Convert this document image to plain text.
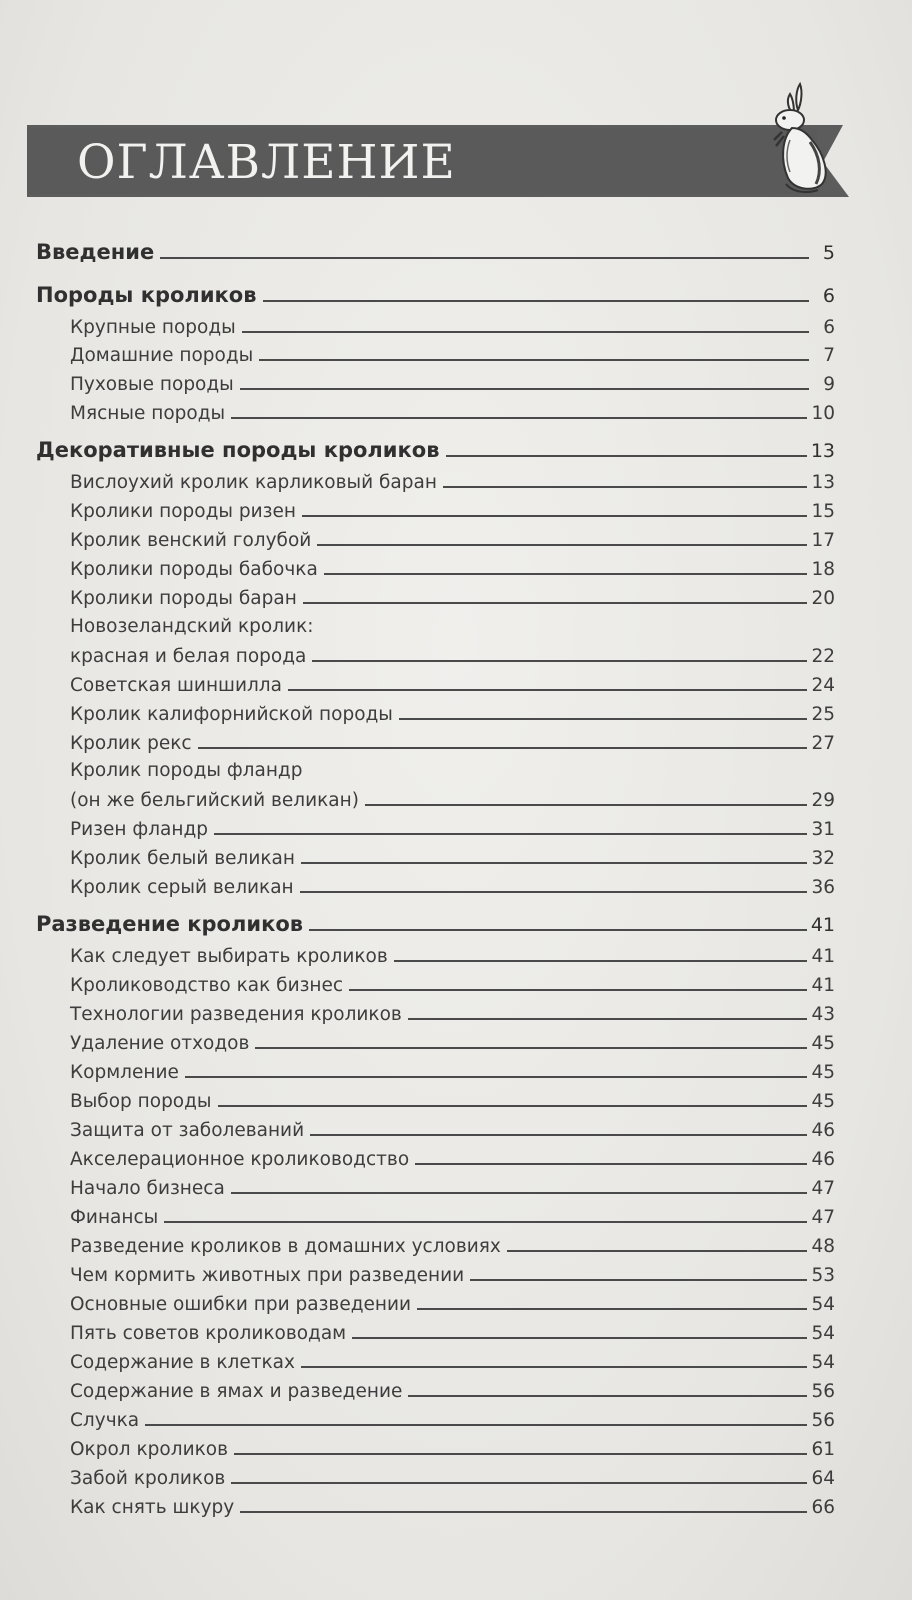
ОГЛАВЛЕНИЕ
Введение	5
Породы кроликов	6
Крупные породы	6
Домашние породы	7
Пуховые породы	9
Мясные породы	10
Декоративные породы кроликов	13
Вислоухий кролик карликовый баран	13
Кролики породы ризен	15
Кролик венский голубой	17
Кролики породы бабочка	18
Кролики породы баран	20
Новозеландский кролик:
красная и белая порода	22
Советская шиншилла	24
Кролик калифорнийской породы	25
Кролик рекс	27
Кролик породы фландр
(он же бельгийский великан)	29
Ризен фландр	31
Кролик белый великан	32
Кролик серый великан	36
Разведение кроликов	41
Как следует выбирать кроликов	41
Кролиководство как бизнес	41
Технологии разведения кроликов	43
Удаление отходов	45
Кормление	45
Выбор породы	45
Защита от заболеваний	46
Акселерационное кролиководство	46
Начало бизнеса	47
Финансы	47
Разведение кроликов в домашних условиях	48
Чем кормить животных при разведении	53
Основные ошибки при разведении	54
Пять советов кролиководам	54
Содержание в клетках	54
Содержание в ямах и разведение	56
Случка	56
Окрол кроликов	61
Забой кроликов	64
Как снять шкуру	66
